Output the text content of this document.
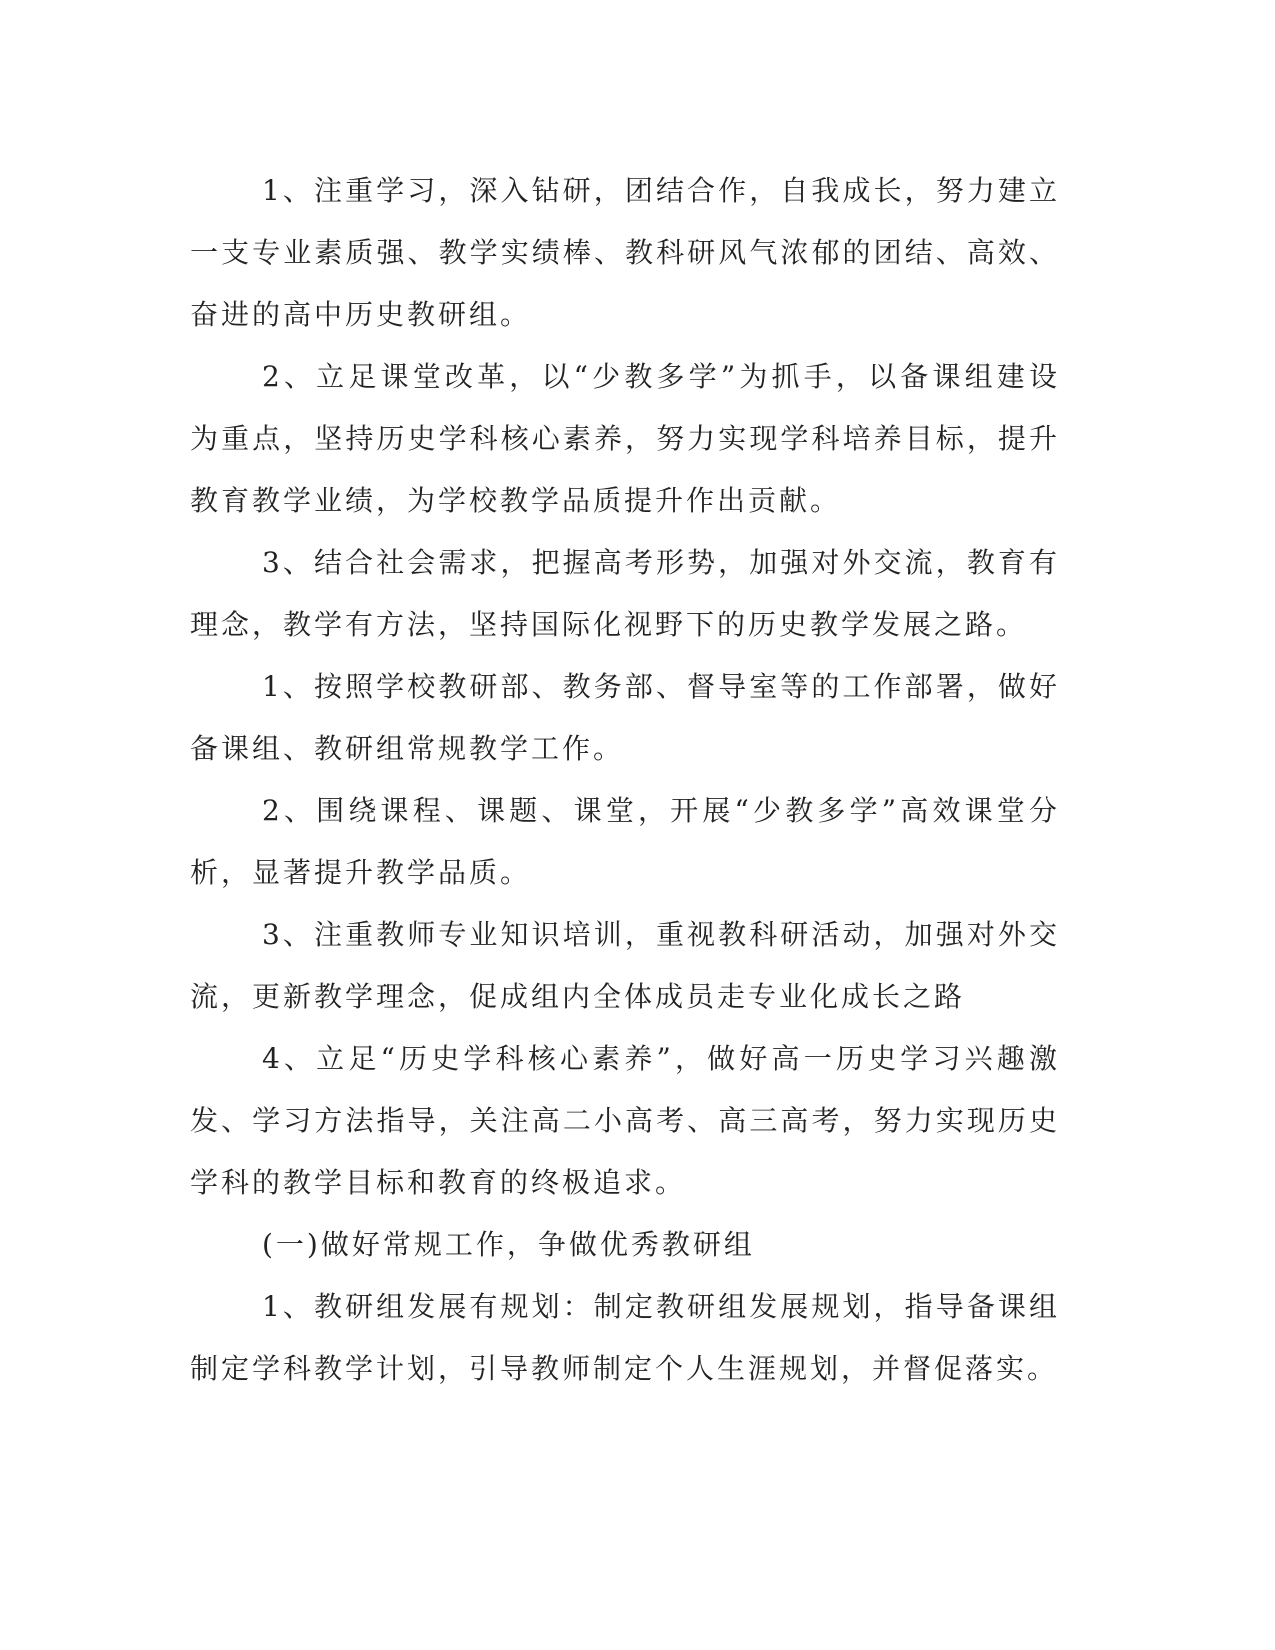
1、注重学习，深入钻研，团结合作，自我成长，努力建立一支专业素质强、教学实绩棒、教科研风气浓郁的团结、高效、奋进的高中历史教研组。

2、立足课堂改革，以“少教多学”为抓手，以备课组建设为重点，坚持历史学科核心素养，努力实现学科培养目标，提升教育教学业绩，为学校教学品质提升作出贡献。

3、结合社会需求，把握高考形势，加强对外交流，教育有理念，教学有方法，坚持国际化视野下的历史教学发展之路。

1、按照学校教研部、教务部、督导室等的工作部署，做好备课组、教研组常规教学工作。

2、围绕课程、课题、课堂，开展“少教多学”高效课堂分析，显著提升教学品质。

3、注重教师专业知识培训，重视教科研活动，加强对外交流，更新教学理念，促成组内全体成员走专业化成长之路

4、立足“历史学科核心素养”，做好高一历史学习兴趣激发、学习方法指导，关注高二小高考、高三高考，努力实现历史学科的教学目标和教育的终极追求。

(一)做好常规工作，争做优秀教研组

1、教研组发展有规划：制定教研组发展规划，指导备课组制定学科教学计划，引导教师制定个人生涯规划，并督促落实。
